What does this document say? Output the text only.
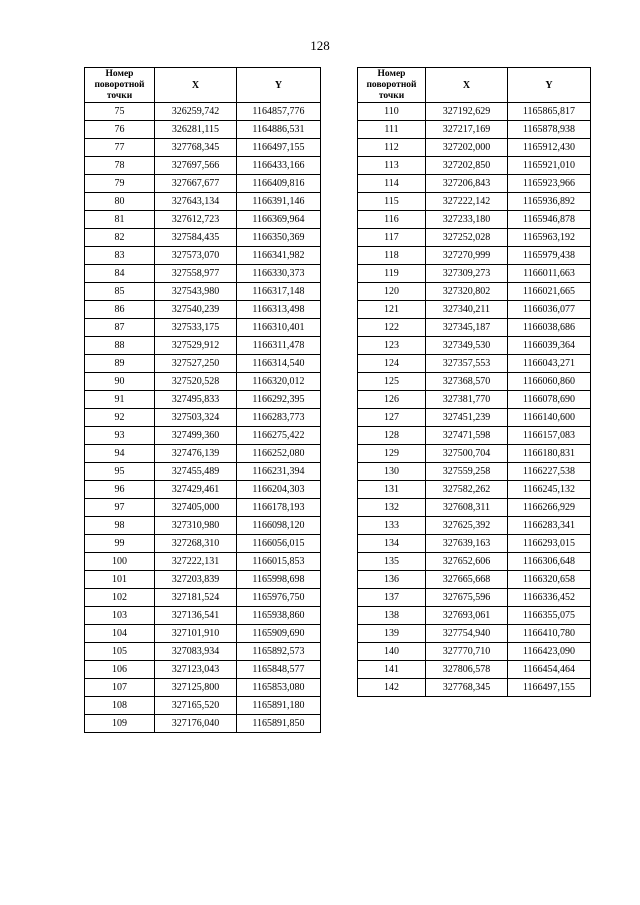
128
Номер поворотной точки	X	Y
75	326259,742	1164857,776
76	326281,115	1164886,531
77	327768,345	1166497,155
78	327697,566	1166433,166
79	327667,677	1166409,816
80	327643,134	1166391,146
81	327612,723	1166369,964
82	327584,435	1166350,369
83	327573,070	1166341,982
84	327558,977	1166330,373
85	327543,980	1166317,148
86	327540,239	1166313,498
87	327533,175	1166310,401
88	327529,912	1166311,478
89	327527,250	1166314,540
90	327520,528	1166320,012
91	327495,833	1166292,395
92	327503,324	1166283,773
93	327499,360	1166275,422
94	327476,139	1166252,080
95	327455,489	1166231,394
96	327429,461	1166204,303
97	327405,000	1166178,193
98	327310,980	1166098,120
99	327268,310	1166056,015
100	327222,131	1166015,853
101	327203,839	1165998,698
102	327181,524	1165976,750
103	327136,541	1165938,860
104	327101,910	1165909,690
105	327083,934	1165892,573
106	327123,043	1165848,577
107	327125,800	1165853,080
108	327165,520	1165891,180
109	327176,040	1165891,850
Номер поворотной точки	X	Y
110	327192,629	1165865,817
111	327217,169	1165878,938
112	327202,000	1165912,430
113	327202,850	1165921,010
114	327206,843	1165923,966
115	327222,142	1165936,892
116	327233,180	1165946,878
117	327252,028	1165963,192
118	327270,999	1165979,438
119	327309,273	1166011,663
120	327320,802	1166021,665
121	327340,211	1166036,077
122	327345,187	1166038,686
123	327349,530	1166039,364
124	327357,553	1166043,271
125	327368,570	1166060,860
126	327381,770	1166078,690
127	327451,239	1166140,600
128	327471,598	1166157,083
129	327500,704	1166180,831
130	327559,258	1166227,538
131	327582,262	1166245,132
132	327608,311	1166266,929
133	327625,392	1166283,341
134	327639,163	1166293,015
135	327652,606	1166306,648
136	327665,668	1166320,658
137	327675,596	1166336,452
138	327693,061	1166355,075
139	327754,940	1166410,780
140	327770,710	1166423,090
141	327806,578	1166454,464
142	327768,345	1166497,155
